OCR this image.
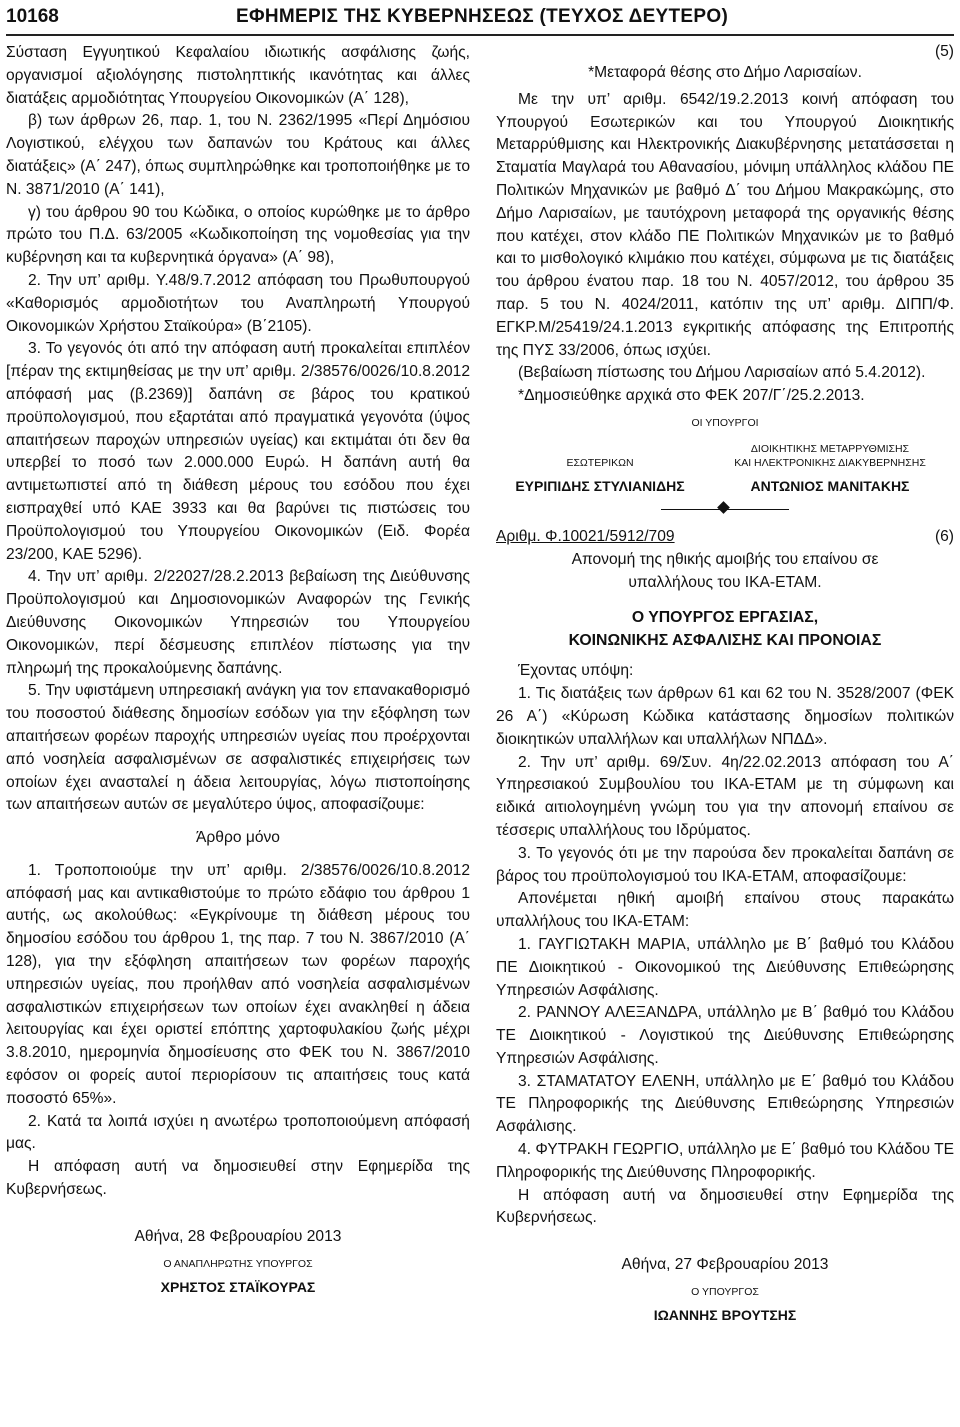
10168	ΕΦΗΜΕΡΙΣ ΤΗΣ ΚΥΒΕΡΝΗΣΕΩΣ (ΤΕΥΧΟΣ ΔΕΥΤΕΡΟ)

Σύσταση Εγγυητικού Κεφαλαίου ιδιωτικής ασφάλισης ζωής, οργανισμοί αξιολόγησης πιστοληπτικής ικανότητας και άλλες διατάξεις αρμοδιότητας Υπουργείου Οικονομικών (Α΄ 128),

β) των άρθρων 26, παρ. 1, του Ν. 2362/1995 «Περί Δημόσιου Λογιστικού, ελέγχου των δαπανών του Κράτους και άλλες διατάξεις» (Α΄ 247), όπως συμπληρώθηκε και τροποποιήθηκε με το Ν. 3871/2010 (Α΄ 141),

γ) του άρθρου 90 του Κώδικα, ο οποίος κυρώθηκε με το άρθρο πρώτο του Π.Δ. 63/2005 «Κωδικοποίηση της νομοθεσίας για την κυβέρνηση και τα κυβερνητικά όργανα» (Α΄ 98),

2. Την υπ’ αριθμ. Υ.48/9.7.2012 απόφαση του Πρωθυπουργού «Καθορισμός αρμοδιοτήτων του Αναπληρωτή Υπουργού Οικονομικών Χρήστου Σταϊκούρα» (Β΄2105).

3. Το γεγονός ότι από την απόφαση αυτή προκαλείται επιπλέον [πέραν της εκτιμηθείσας με την υπ’ αριθμ. 2/38576/0026/10.8.2012 απόφασή μας (β.2369)] δαπάνη σε βάρος του κρατικού προϋπολογισμού, που εξαρτάται από πραγματικά γεγονότα (ύψος απαιτήσεων παροχών υπηρεσιών υγείας) και εκτιμάται ότι δεν θα υπερβεί το ποσό των 2.000.000 Ευρώ. Η δαπάνη αυτή θα αντιμετωπιστεί από τη διάθεση μέρους του εσόδου που έχει εισπραχθεί υπό ΚΑΕ 3933 και θα βαρύνει τις πιστώσεις του Προϋπολογισμού του Υπουργείου Οικονομικών (Ειδ. Φορέα 23/200, ΚΑΕ 5296).

4. Την υπ’ αριθμ. 2/22027/28.2.2013 βεβαίωση της Διεύθυνσης Προϋπολογισμού και Δημοσιονομικών Αναφορών της Γενικής Διεύθυνσης Οικονομικών Υπηρεσιών του Υπουργείου Οικονομικών, περί δέσμευσης επιπλέον πίστωσης για την πληρωμή της προκαλούμενης δαπάνης.

5. Την υφιστάμενη υπηρεσιακή ανάγκη για τον επανακαθορισμό του ποσοστού διάθεσης δημοσίων εσόδων για την εξόφληση των απαιτήσεων φορέων παροχής υπηρεσιών υγείας που προέρχονται από νοσηλεία ασφαλισμένων σε ασφαλιστικές επιχειρήσεις των οποίων έχει ανασταλεί η άδεια λειτουργίας, λόγω πιστοποίησης των απαιτήσεων αυτών σε μεγαλύτερο ύψος, αποφασίζουμε:

Άρθρο μόνο

1. Τροποποιούμε την υπ’ αριθμ. 2/38576/0026/10.8.2012 απόφασή μας και αντικαθιστούμε το πρώτο εδάφιο του άρθρου 1 αυτής, ως ακολούθως: «Εγκρίνουμε τη διάθεση μέρους του δημοσίου εσόδου του άρθρου 1, της παρ. 7 του Ν. 3867/2010 (Α΄ 128), για την εξόφληση απαιτήσεων των φορέων παροχής υπηρεσιών υγείας, που προήλθαν από νοσηλεία ασφαλισμένων ασφαλιστικών επιχειρήσεων των οποίων έχει ανακληθεί η άδεια λειτουργίας και έχει οριστεί επόπτης χαρτοφυλακίου ζωής μέχρι 3.8.2010, ημερομηνία δημοσίευσης στο ΦΕΚ του Ν. 3867/2010 εφόσον οι φορείς αυτοί περιορίσουν τις απαιτήσεις τους κατά ποσοστό 65%».

2. Κατά τα λοιπά ισχύει η ανωτέρω τροποποιούμενη απόφασή μας.

Η απόφαση αυτή να δημοσιευθεί στην Εφημερίδα της Κυβερνήσεως.

Αθήνα, 28 Φεβρουαρίου 2013

Ο ΑΝΑΠΛΗΡΩΤΗΣ ΥΠΟΥΡΓΟΣ
ΧΡΗΣΤΟΣ ΣΤΑΪΚΟΥΡΑΣ
(5)

*Μεταφορά θέσης στο Δήμο Λαρισαίων.

Με την υπ’ αριθμ. 6542/19.2.2013 κοινή απόφαση του Υπουργού Εσωτερικών και του Υπουργού Διοικητικής Μεταρρύθμισης και Ηλεκτρονικής Διακυβέρνησης μετατάσσεται η Σταματία Μαγλαρά του Αθανασίου, μόνιμη υπάλληλος κλάδου ΠΕ Πολιτικών Μηχανικών με βαθμό Δ΄ του Δήμου Μακρακώμης, στο Δήμο Λαρισαίων, με ταυτόχρονη μεταφορά της οργανικής θέσης που κατέχει, στον κλάδο ΠΕ Πολιτικών Μηχανικών με το βαθμό και το μισθολογικό κλιμάκιο που κατέχει, σύμφωνα με τις διατάξεις του άρθρου ένατου παρ. 18 του Ν. 4057/2012, του άρθρου 35 παρ. 5 του Ν. 4024/2011, κατόπιν της υπ’ αριθμ. ΔΙΠΠ/Φ. ΕΓΚΡ.Μ/25419/24.1.2013 εγκριτικής απόφασης της Επιτροπής της ΠΥΣ 33/2006, όπως ισχύει.

(Βεβαίωση πίστωσης του Δήμου Λαρισαίων από 5.4.2012).

*Δημοσιεύθηκε αρχικά στο ΦΕΚ 207/Γ΄/25.2.2013.

ΟΙ ΥΠΟΥΡΓΟΙ
ΕΣΩΤΕΡΙΚΩΝ
ΕΥΡΙΠΙΔΗΣ ΣΤΥΛΙΑΝΙΔΗΣ
ΔΙΟΙΚΗΤΙΚΗΣ ΜΕΤΑΡΡΥΘΜΙΣΗΣ
ΚΑΙ ΗΛΕΚΤΡΟΝΙΚΗΣ ΔΙΑΚΥΒΕΡΝΗΣΗΣ
ΑΝΤΩΝΙΟΣ ΜΑΝΙΤΑΚΗΣ
Αριθμ. Φ.10021/5912/709	(6)

Απονομή της ηθικής αμοιβής του επαίνου σε υπαλλήλους του ΙΚΑ-ΕΤΑΜ.

Ο ΥΠΟΥΡΓΟΣ ΕΡΓΑΣΙΑΣ,
ΚΟΙΝΩΝΙΚΗΣ ΑΣΦΑΛΙΣΗΣ ΚΑΙ ΠΡΟΝΟΙΑΣ

Έχοντας υπόψη:

1. Τις διατάξεις των άρθρων 61 και 62 του Ν. 3528/2007 (ΦΕΚ 26 Α΄) «Κύρωση Κώδικα κατάστασης δημοσίων πολιτικών διοικητικών υπαλλήλων και υπαλλήλων ΝΠΔΔ».

2. Την υπ’ αριθμ. 69/Συν. 4η/22.02.2013 απόφαση του Α΄ Υπηρεσιακού Συμβουλίου του ΙΚΑ-ΕΤΑΜ με τη σύμφωνη και ειδικά αιτιολογημένη γνώμη του για την απονομή επαίνου σε τέσσερις υπαλλήλους του Ιδρύματος.

3. Το γεγονός ότι με την παρούσα δεν προκαλείται δαπάνη σε βάρος του προϋπολογισμού του ΙΚΑ-ΕΤΑΜ, αποφασίζουμε:

Απονέμεται ηθική αμοιβή επαίνου στους παρακάτω υπαλλήλους του ΙΚΑ-ΕΤΑΜ:

1. ΓΑΥΓΙΩΤΑΚΗ ΜΑΡΙΑ, υπάλληλο με Β΄ βαθμό του Κλάδου ΠΕ Διοικητικού - Οικονομικού της Διεύθυνσης Επιθεώρησης Υπηρεσιών Ασφάλισης.

2. ΡΑΝΝΟΥ ΑΛΕΞΑΝΔΡΑ, υπάλληλο με Β΄ βαθμό του Κλάδου ΤΕ Διοικητικού - Λογιστικού της Διεύθυνσης Επιθεώρησης Υπηρεσιών Ασφάλισης.

3. ΣΤΑΜΑΤΑΤΟΥ ΕΛΕΝΗ, υπάλληλο με Ε΄ βαθμό του Κλάδου ΤΕ Πληροφορικής της Διεύθυνσης Επιθεώρησης Υπηρεσιών Ασφάλισης.

4. ΦΥΤΡΑΚΗ ΓΕΩΡΓΙΟ, υπάλληλο με Ε΄ βαθμό του Κλάδου ΤΕ Πληροφορικής της Διεύθυνσης Πληροφορικής.

Η απόφαση αυτή να δημοσιευθεί στην Εφημερίδα της Κυβερνήσεως.

Αθήνα, 27 Φεβρουαρίου 2013

Ο ΥΠΟΥΡΓΟΣ
ΙΩΑΝΝΗΣ ΒΡΟΥΤΣΗΣ
